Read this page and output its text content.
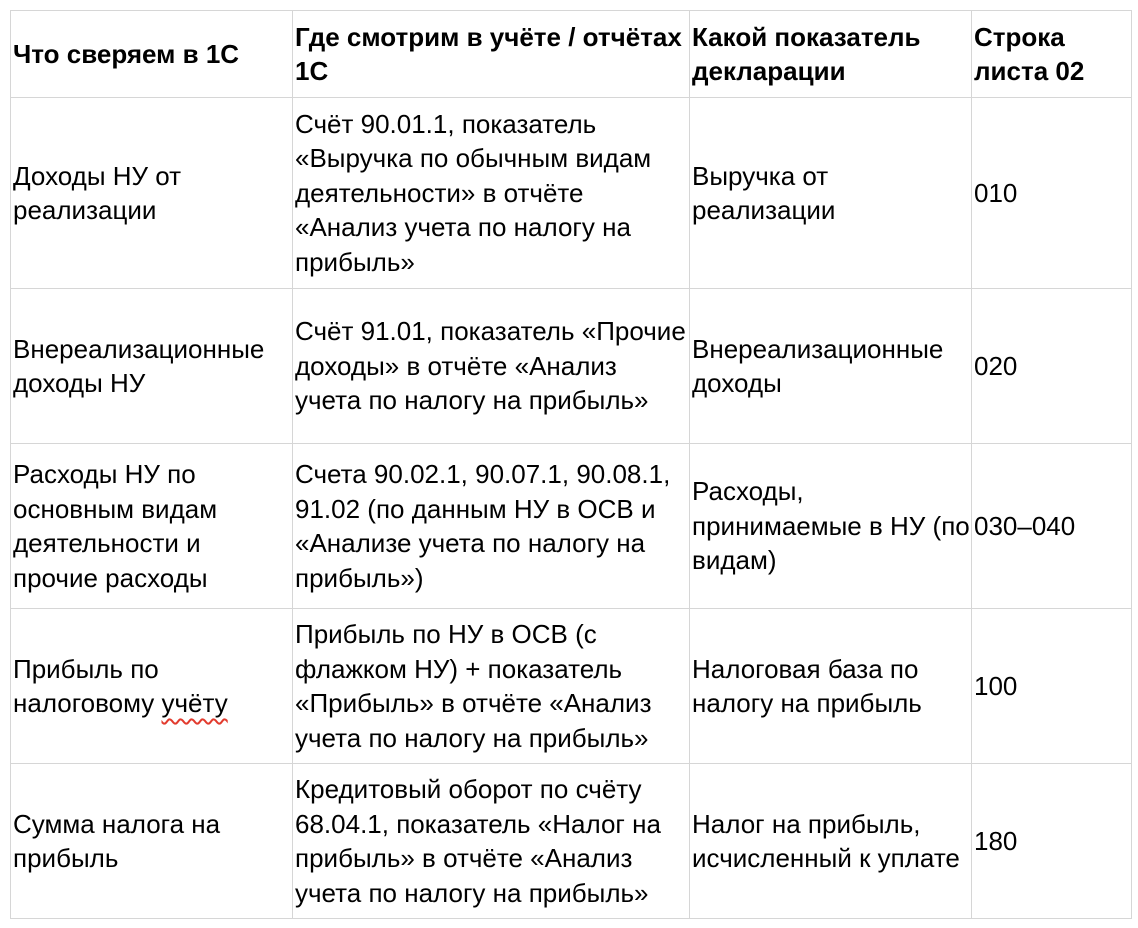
Что сверяем в 1С	Где смотрим в учёте / отчётах 1С	Какой показатель декларации	Строка листа 02
Доходы НУ от реализации	Счёт 90.01.1, показатель «Выручка по обычным видам деятельности» в отчёте «Анализ учета по налогу на прибыль»	Выручка от реализации	010
Внереализационные доходы НУ	Счёт 91.01, показатель «Прочие доходы» в отчёте «Анализ учета по налогу на прибыль»	Внереализационные доходы	020
Расходы НУ по основным видам деятельности и прочие расходы	Счета 90.02.1, 90.07.1, 90.08.1, 91.02 (по данным НУ в ОСВ и «Анализе учета по налогу на прибыль»)	Расходы, принимаемые в НУ (по видам)	030–040
Прибыль по налоговому учёту	Прибыль по НУ в ОСВ (с флажком НУ) + показатель «Прибыль» в отчёте «Анализ учета по налогу на прибыль»	Налоговая база по налогу на прибыль	100
Сумма налога на прибыль	Кредитовый оборот по счёту 68.04.1, показатель «Налог на прибыль» в отчёте «Анализ учета по налогу на прибыль»	Налог на прибыль, исчисленный к уплате	180
